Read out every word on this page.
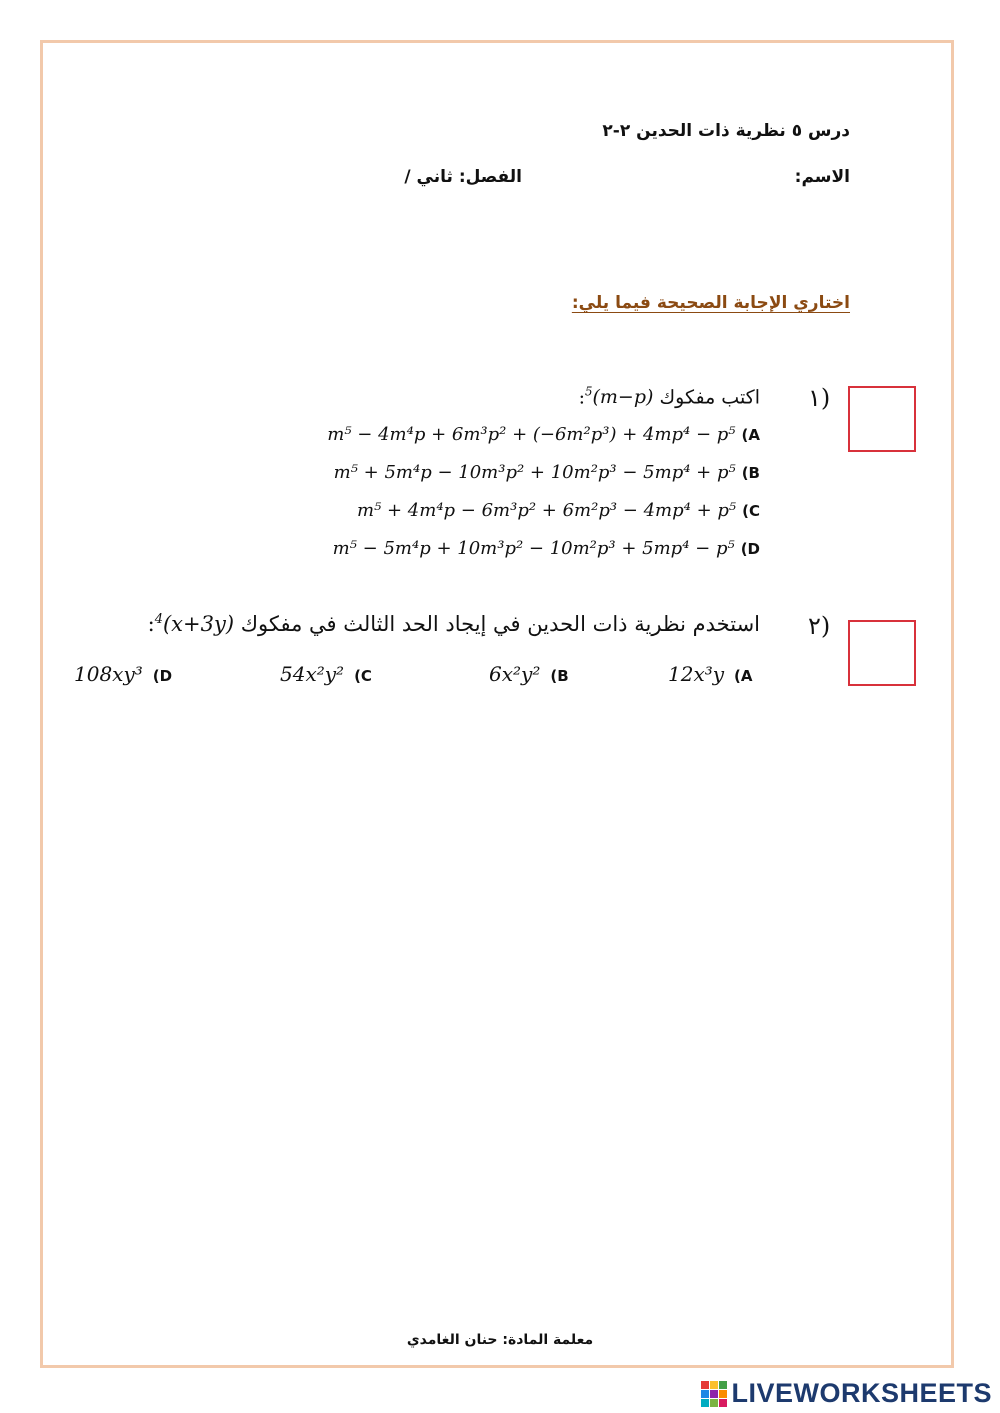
درس ٥ نظرية ذات الحدين ٢-٢
الاسم:
الفصل: ثاني /
اختاري الإجابة الصحيحة فيما يلي:
١)
اكتب مفكوك $^5$(m−p):
m⁵ − 4m⁴p + 6m³p² + (−6m²p³) + 4mp⁴ − p⁵ (A
m⁵ + 5m⁴p − 10m³p² + 10m²p³ − 5mp⁴ + p⁵ (B
m⁵ + 4m⁴p − 6m³p² + 6m²p³ − 4mp⁴ + p⁵ (C
m⁵ − 5m⁴p + 10m³p² − 10m²p³ + 5mp⁴ − p⁵ (D
٢)
استخدم نظرية ذات الحدين في إيجاد الحد الثالث في مفكوك $^4$(x+3y):
12x³y (A
6x²y² (B
54x²y² (C
108xy³ (D
معلمة المادة: حنان الغامدي
LIVEWORKSHEETS
